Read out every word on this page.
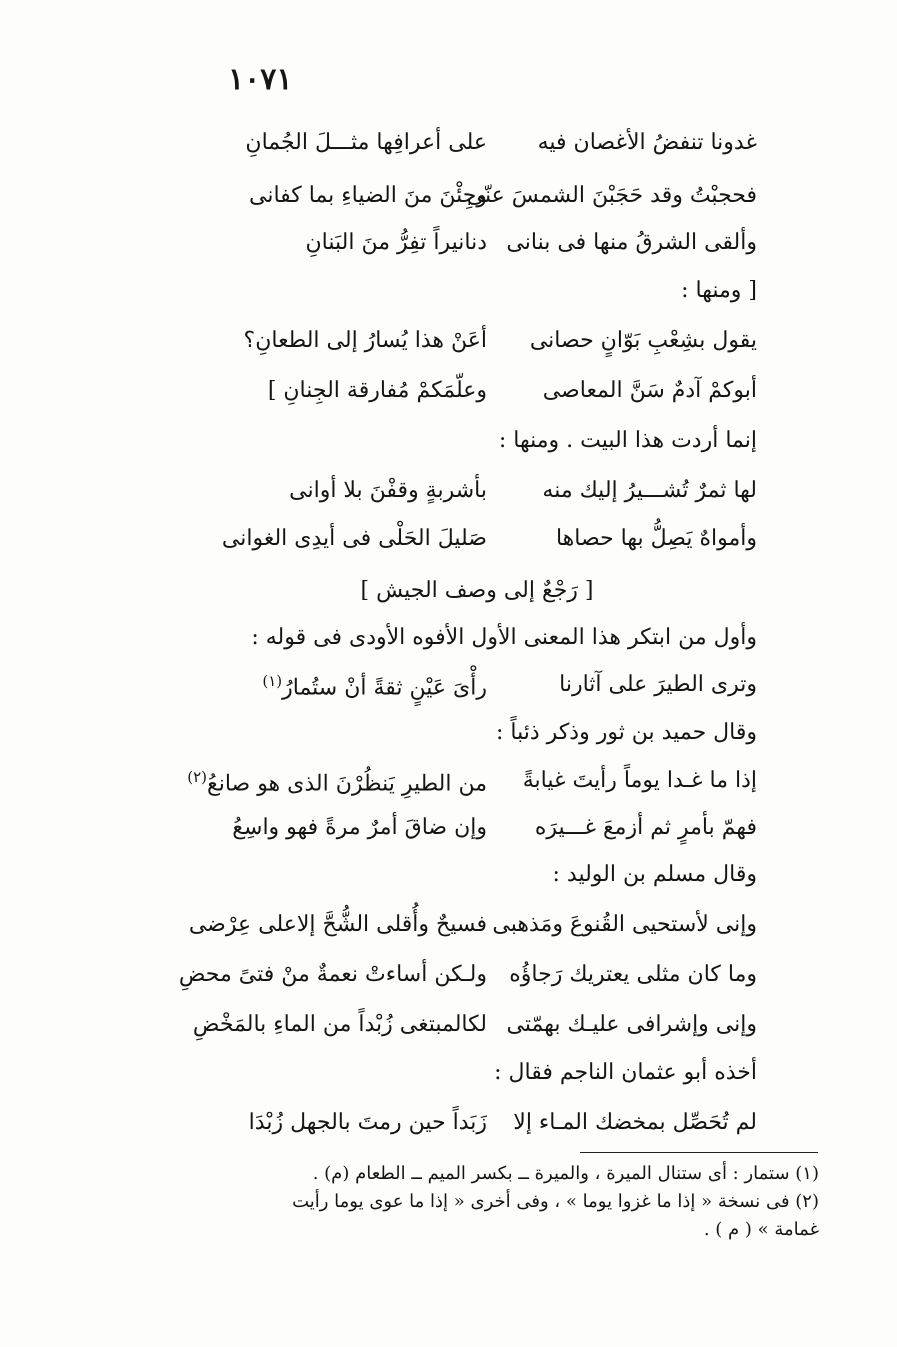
١٠٧١
غدونا تنفضُ الأغصان فيه
على أعرافِها مثـــلَ الجُمانِ
فحجبْتُ وقد حَجَبْنَ الشمسَ عنّى
وجِئْنَ منَ الضياءِ بما كفانى
وألقى الشرقُ منها فى بنانى
دنانيراً تفِرُّ منَ البَنانِ
[ ومنها :
يقول بشِعْبِ بَوّانٍ حصانى
أعَنْ هذا يُسارُ إلى الطعانِ؟
أبوكمْ آدمٌ سَنَّ المعاصى
وعلّمَكمْ مُفارقة الجِنانِ ]
إنما أردت هذا البيت . ومنها :
لها ثمرٌ تُشـــيرُ إليك منه
بأشربةٍ وقفْنَ بلا أوانى
وأمواهٌ يَصِلُّ بها حصاها
صَليلَ الحَلْى فى أيدِى الغوانى
[ رَجْعٌ إلى وصف الجيش ]
وأول من ابتكر هذا المعنى الأول الأفوه الأودى فى قوله :
وترى الطيرَ على آثارنا
رأْىَ عَيْنٍ ثقةً أنْ ستُمارُ$^{(١)}$
وقال حميد بن ثور وذكر ذئباً :
إذا ما غـدا يوماً رأيتَ غيابةً
من الطيرِ يَنظُرْنَ الذى هو صانعُ$^{(٢)}$
فهمّ بأمرٍ ثم أزمعَ غـــيرَه
وإن ضاقَ أمرٌ مرةً فهو واسِعُ
وقال مسلم بن الوليد :
وإنى لأستحيى القُنوعَ ومَذهبى
فسيحٌ وأُقلى الشُّحَّ إلاعلى عِرْضى
وما كان مثلى يعتريك رَجاؤُه
ولـكن أساءتْ نعمةٌ منْ فتىً محضِ
وإنى وإشرافى عليـك بهمّتى
لكالمبتغى زُبْداً من الماءِ بالمَخْضِ
أخذه أبو عثمان الناجم فقال :
لم تُحَصِّل بمخضك المـاء إلا
زَبَداً حين رمتَ بالجهل زُبْدَا
(١) ستمار : أى ستنال الميرة ، والميرة ــ بكسر الميم ــ الطعام (م) .
(٢) فى نسخة « إذا ما غزوا يوما » ، وفى أخرى « إذا ما عوى يوما رأيت
غمامة » ( م ) .
